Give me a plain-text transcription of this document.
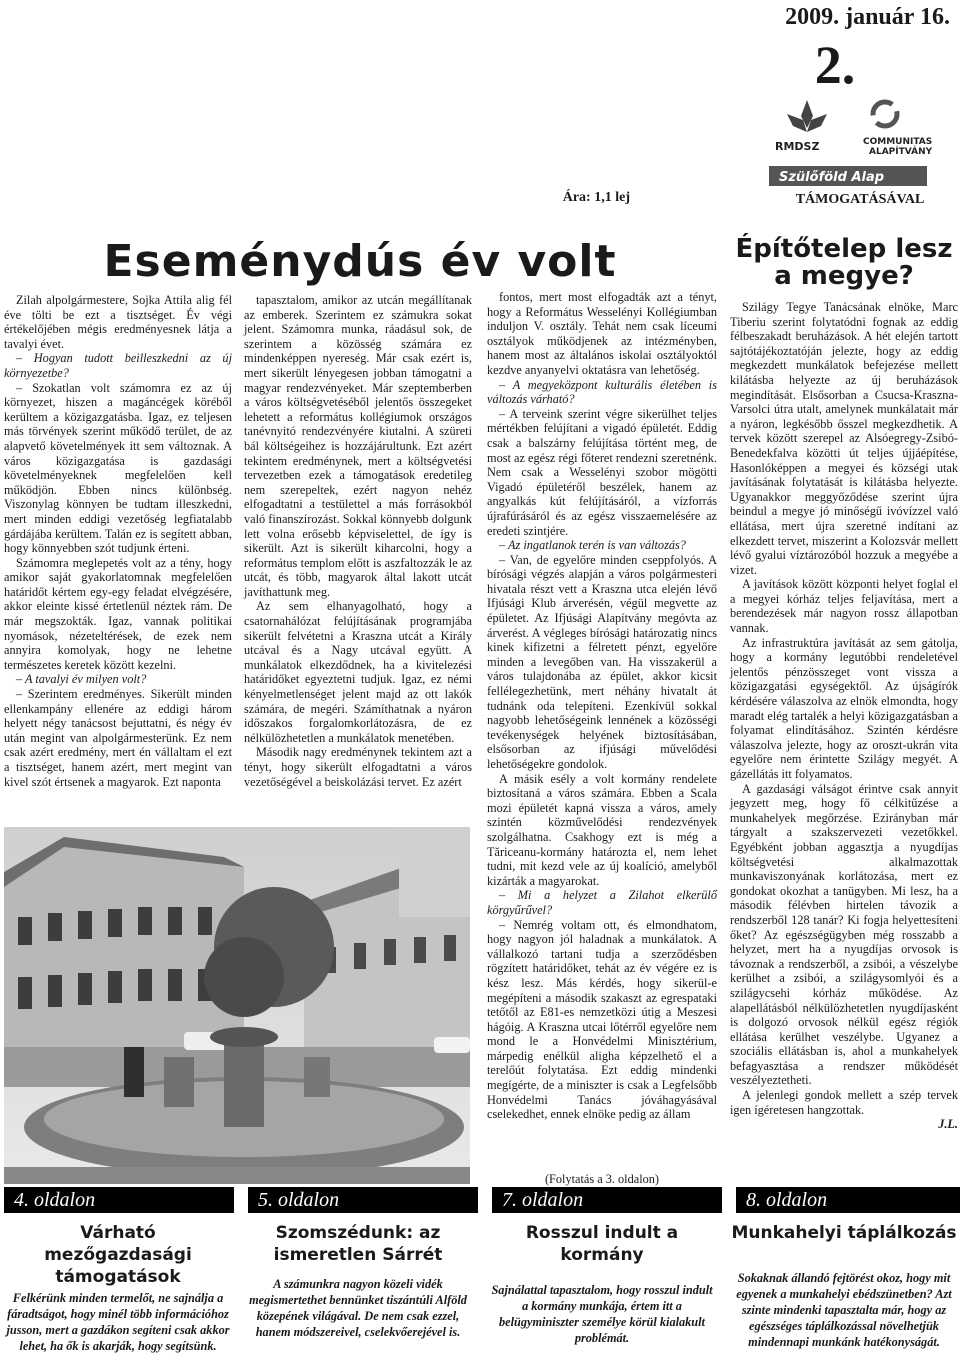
2009. január 16.
2.
RMDSZ	COMMUNITAS
ALAPÍTVÁNY
Szülőföld Alap
Ára: 1,1 lej	TÁMOGATÁSÁVAL
Eseménydús év volt	Építőtelep lesz a megye?

Zilah alpolgármestere, Sojka Attila alig fél éve tölti be ezt a tisztséget. Év végi értékelőjében mégis eredményesnek látja a tavalyi évet.

– Hogyan tudott beilleszkedni az új környezetbe?

– Szokatlan volt számomra ez az új környezet, hiszen a magáncégek köréből kerültem a közigazgatásba. Igaz, ez teljesen más törvények szerint működő terület, de az alapvető követelmények itt sem változnak. A város közigazgatása is gazdasági követelményeknek megfelelően kell működjön. Ebben nincs különbség. Viszonylag könnyen be tudtam illeszkedni, mert minden eddigi vezetőség legfiatalabb gárdájába kerültem. Talán ez is segített abban, hogy könnyebben szót tudjunk érteni.

Számomra meglepetés volt az a tény, hogy amikor saját gyakorlatomnak megfelelően határidőt kértem egy-egy feladat elvégzésére, akkor eleinte kissé értetlenül néztek rám. De már megszokták. Igaz, vannak politikai nyomások, nézeteltérések, de ezek nem annyira komolyak, hogy ne lehetne természetes keretek között kezelni.

– A tavalyi év milyen volt?

– Szerintem eredményes. Sikerült minden ellenkampány ellenére az eddigi három helyett négy tanácsost bejuttatni, és négy év után megint van alpolgármesterünk. Ez nem csak azért eredmény, mert én vállaltam el ezt a tisztséget, hanem azért, mert megint van kivel szót értsenek a magyarok. Ezt naponta

tapasztalom, amikor az utcán megállítanak az emberek. Szerintem ez számukra sokat jelent. Számomra munka, ráadásul sok, de szerintem a közösség számára ez mindenképpen nyereség. Már csak ezért is, mert sikerült lényegesen jobban támogatni a magyar rendezvényeket. Már szeptemberben a város költségvetéséből jelentős összegeket lehetett a református kollégiumok országos tanévnyitó rendezvényére kiutalni. A szüreti bál költségeihez is hozzájárultunk. Ezt azért tekintem eredménynek, mert a költségvetési tervezetben ezek a támogatások eredetileg nem szerepeltek, ezért nagyon nehéz elfogadtatni a testülettel a más forrásokból való finanszírozást. Sokkal könnyebb dolgunk lett volna erősebb képviselettel, de így is sikerült. Azt is sikerült kiharcolni, hogy a református templom előtt is aszfaltozzák le az utcát, és több, magyarok által lakott utcát javíthattunk meg.

Az sem elhanyagolható, hogy a csatornahálózat felújításának programjába sikerült felvétetni a Kraszna utcát a Király utcával és a Nagy utcával együtt. A munkálatok elkezdődnek, ha a kivitelezési határidőket egyeztetni tudjuk. Igaz, ez némi kényelmetlenséget jelent majd az ott lakók számára, de megéri. Számíthatnak a nyáron időszakos forgalomkorlátozásra, de ez nélkülözhetetlen a munkálatok menetében.

Második nagy eredménynek tekintem azt a tényt, hogy sikerült elfogadtatni a város vezetőségével a beiskolázási tervet. Ez azért

fontos, mert most elfogadták azt a tényt, hogy a Református Wesselényi Kollégiumban induljon V. osztály. Tehát nem csak líceumi osztályok működjenek az intézményben, hanem most az általános iskolai osztályoktól kezdve anyanyelvi oktatásra van lehetőség.

– A megyeközpont kulturális életében is változás várható?

– A terveink szerint végre sikerülhet teljes mértékben felújítani a vigadó épületét. Eddig csak a balszárny felújítása történt meg, de most az egész régi főteret rendezni szeretnénk. Nem csak a Wesselényi szobor mögötti Vigadó épületéről beszélek, hanem az angyalkás kút felújításáról, a vízforrás újrafúrásáról és az egész visszaemelésére az eredeti szintjére.

– Az ingatlanok terén is van változás?

– Van, de egyelőre minden cseppfolyós. A bírósági végzés alapján a város polgármesteri hivatala részt vett a Kraszna utca elején lévő Ifjúsági Klub árverésén, végül megvette az épületet. Az Ifjúsági Alapítvány megóvta az árverést. A végleges bírósági határozatig nincs kinek kifizetni a félretett pénzt, egyelőre minden a levegőben van. Ha visszakerül a város tulajdonába az épület, akkor kicsit fellélegezhetünk, mert néhány hivatalt át tudnánk oda telepíteni. Ezenkívül sokkal nagyobb lehetőségeink lennének a közösségi tevékenységek helyének biztosításában, elsősorban az ifjúsági művelődési lehetőségekre gondolok.

A másik esély a volt kormány rendelete biztosítaná a város számára. Ebben a Scala mozi épületét kapná vissza a város, amely szintén közművelődési rendezvények szolgálhatna. Csakhogy ezt is még a Tăriceanu-kormány határozta el, nem lehet tudni, mit kezd vele az új koalíció, amelyből kizárták a magyarokat.

– Mi a helyzet a Zilahot elkerülő körgyűrűvel?

– Nemrég voltam ott, és elmondhatom, hogy nagyon jól haladnak a munkálatok. A vállalkozó tartani tudja a szerződésben rögzített határidőket, tehát az év végére ez is kész lesz. Más kérdés, hogy sikerül-e megépíteni a második szakaszt az egrespataki tetőtől az E81-es nemzetközi útig a Meszesi hágóig. A Kraszna utcai lőtérről egyelőre nem mond le a Honvédelmi Minisztérium, márpedig enélkül aligha képzelhető el a terelőút folytatása. Ezt eddig mindenki megígérte, de a miniszter is csak a Legfelsőbb Honvédelmi Tanács jóváhagyásával cselekedhet, ennek elnöke pedig az állam

Szilágy Tegye Tanácsának elnöke, Marc Tiberiu szerint folytatódni fognak az eddig félbeszakadt beruházások. A hét elején tartott sajtótájékoztatóján jelezte, hogy az eddig megkezdett munkálatok befejezése mellett kilátásba helyezte az új beruházások megindítását. Elsősorban a Csucsa-Kraszna-Varsolci útra utalt, amelynek munkálatait már a nyáron, legkésőbb ősszel megkezdhetik. A tervek között szerepel az Alsóegregy-Zsibó-Benedekfalva közötti út teljes újjáépítése, Hasonlóképpen a megyei és községi utak javításának folytatását is kilátásba helyezte. Ugyanakkor meggyőződése szerint újra beindul a megye jó minőségű ivóvízzel való ellátása, mert újra szeretné indítani az elkezdett tervet, miszerint a Kolozsvár mellett lévő gyalui víztározóból hozzuk a megyébe a vizet.

A javítások között központi helyet foglal el a megyei kórház teljes feljavítása, mert a berendezések már nagyon rossz állapotban vannak.

Az infrastruktúra javítását az sem gátolja, hogy a kormány legutóbbi rendeletével jelentős pénzösszeget vont vissza a közigazgatási egységektől. Az újságírók kérdésére válaszolva az elnök elmondta, hogy maradt elég tartalék a helyi közigazgatásban a folyamat elindításához. Szintén kérdésre válaszolva jelezte, hogy az oroszt-ukrán vita egyelőre nem érintette Szilágy megyét. A gázellátás itt folyamatos.

A gazdasági válságot érintve csak annyit jegyzett meg, hogy fő célkitűzése a munkahelyek megőrzése. Ezirányban már tárgyalt a szakszervezeti vezetőkkel. Egyébként jobban aggasztja a nyugdíjas költségvetési alkalmazottak munkaviszonyának korlátozása, mert ez gondokat okozhat a tanügyben. Mi lesz, ha a második félévben hirtelen távozik a rendszerből 128 tanár? Ki fogja helyettesíteni őket? Az egészségügyben még rosszabb a helyzet, mert ha a nyugdíjas orvosok is távoznak a rendszerből, a zsibói, a vészelybe kerülhet a zsibói, a szilágysomlyói és a szilágycsehi kórház működése. Az alapellátásból nélkülözhetetlen nyugdíjasként is dolgozó orvosok nélkül egész régiók ellátása kerülhet veszélybe. Ugyanez a szociális ellátásban is, ahol a munkahelyek befagyasztása a rendszer működését veszélyeztetheti.

A jelenlegi gondok mellett a szép tervek igen ígéretesen hangzottak.

J.L.
(Folytatás a 3. oldalon)
4. oldalon
Várható mezőgazdasági támogatások
Felkérünk minden termelőt, ne sajnálja a fáradtságot, hogy minél több információhoz jusson, mert a gazdákon segíteni csak akkor lehet, ha ők is akarják, hogy segítsünk.
5. oldalon
Szomszédunk: az ismeretlen Sárrét
A számunkra nagyon közeli vidék megismertethet bennünket tiszántúli Alföld közepének világával. De nem csak ezzel, hanem módszereivel, cselekvőerejével is.
7. oldalon
Rosszul indult a kormány
Sajnálattal tapasztalom, hogy rosszul indult a kormány munkája, értem itt a belügyminiszter személye körül kialakult problémát.
8. oldalon
Munkahelyi táplálkozás
Sokaknak állandó fejtörést okoz, hogy mit egyenek a munkahelyi ebédszünetben? Azt szinte mindenki tapasztalta már, hogy az egészséges táplálkozással növelhetjük mindennapi munkánk hatékonyságát.
